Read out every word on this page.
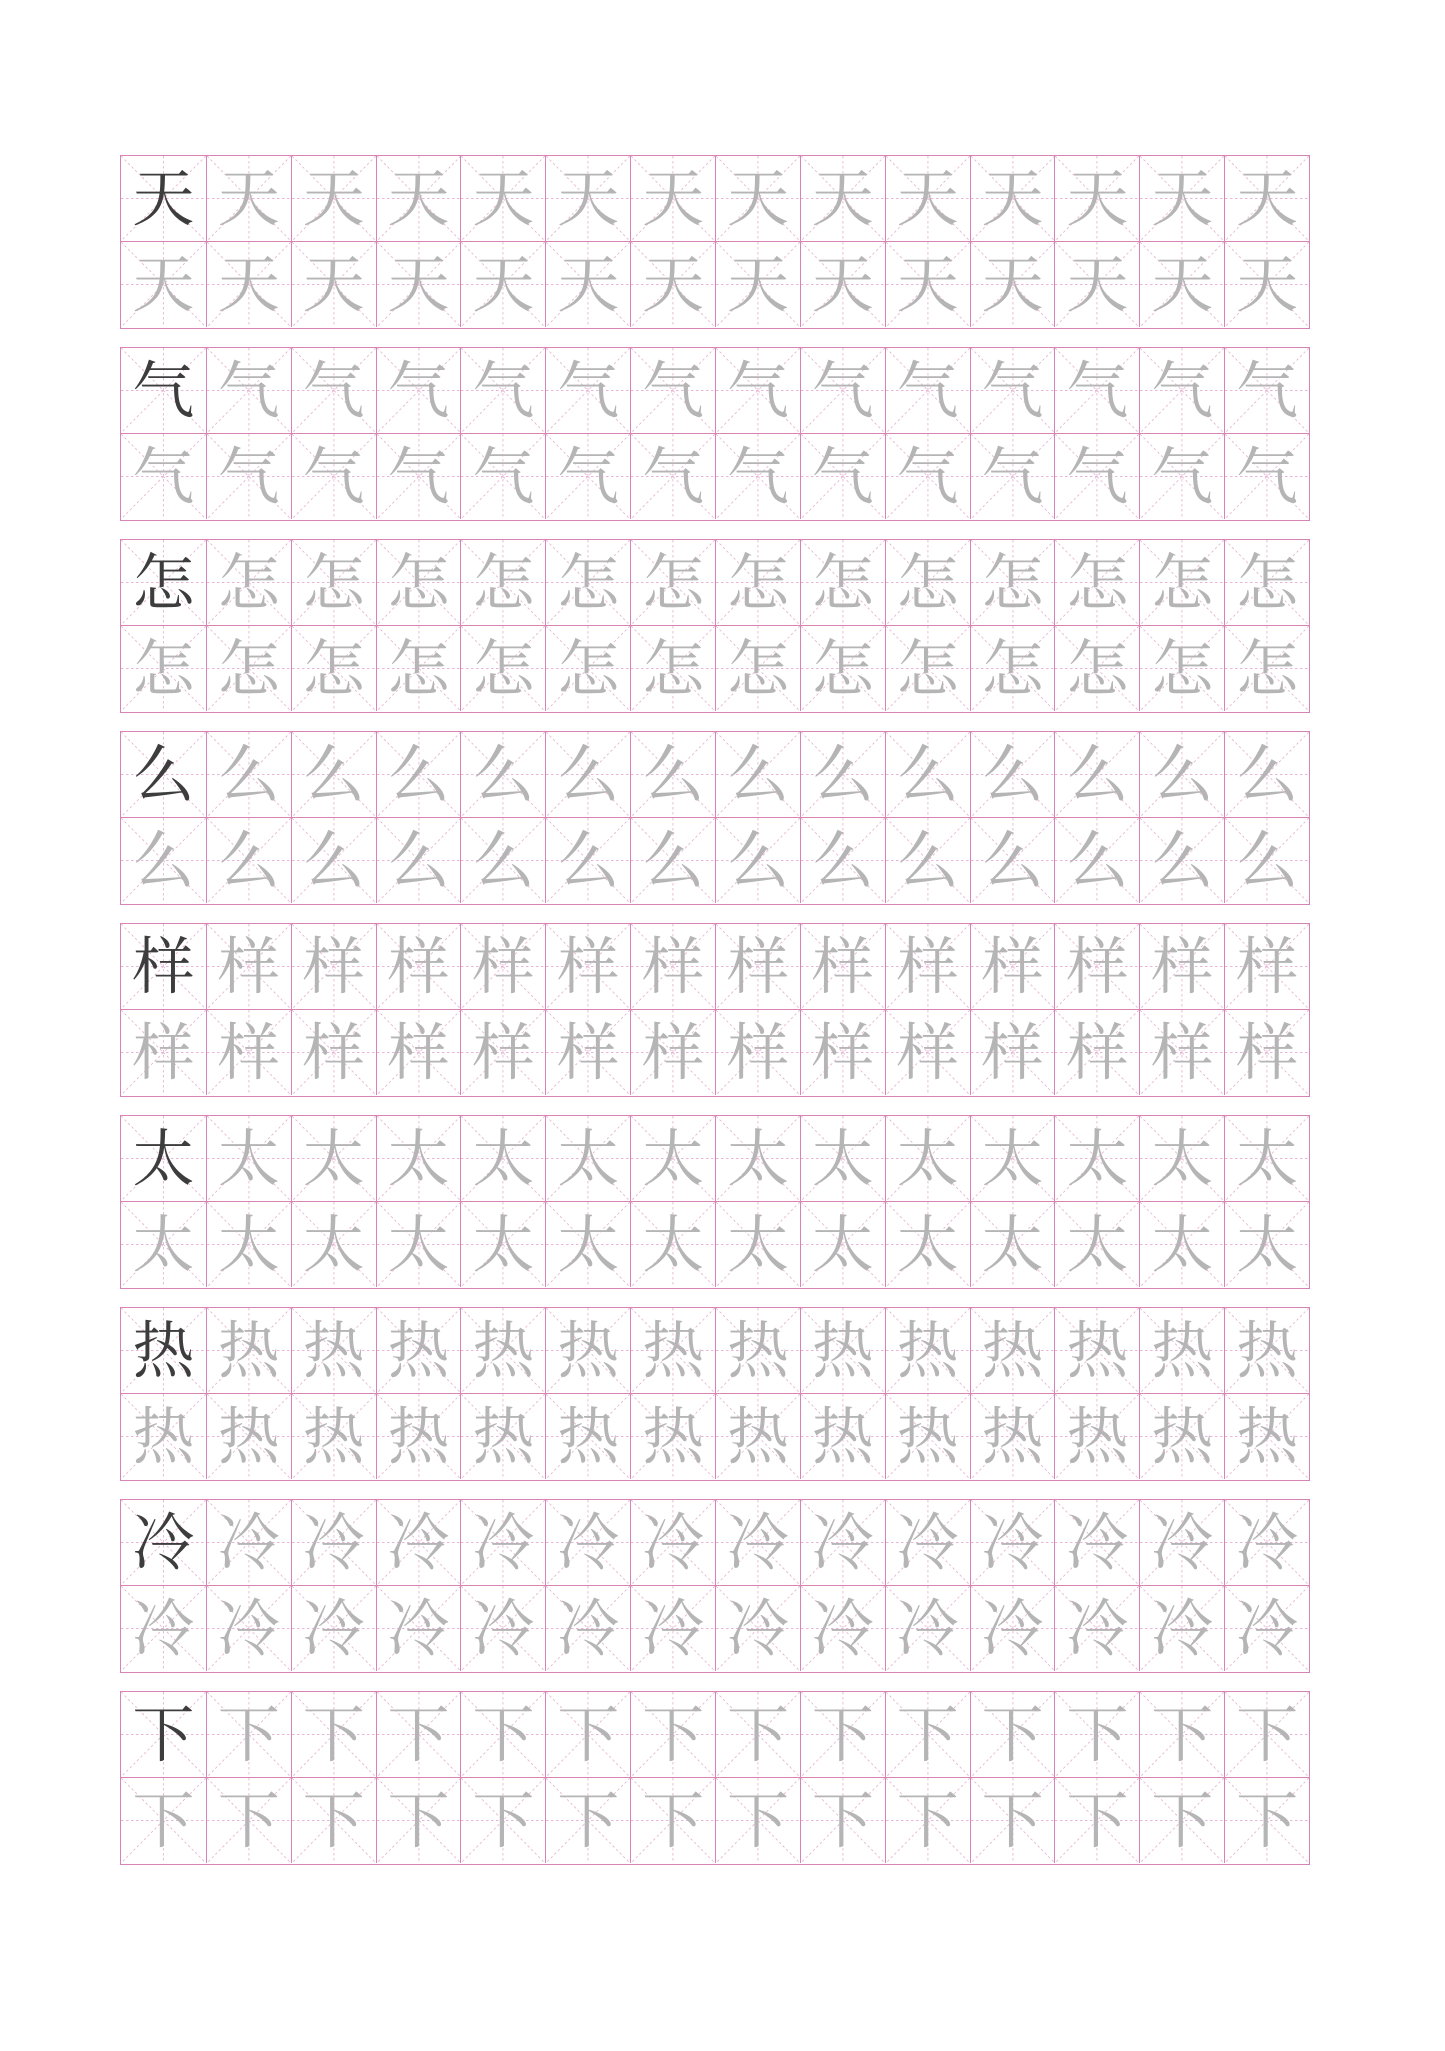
天 天 天 天 天 天 天 天 天 天 天 天 天 天
天 天 天 天 天 天 天 天 天 天 天 天 天 天
气 气 气 气 气 气 气 气 气 气 气 气 气 气
气 气 气 气 气 气 气 气 气 气 气 气 气 气
怎 怎 怎 怎 怎 怎 怎 怎 怎 怎 怎 怎 怎 怎
怎 怎 怎 怎 怎 怎 怎 怎 怎 怎 怎 怎 怎 怎
么 么 么 么 么 么 么 么 么 么 么 么 么 么
么 么 么 么 么 么 么 么 么 么 么 么 么 么
样 样 样 样 样 样 样 样 样 样 样 样 样 样
样 样 样 样 样 样 样 样 样 样 样 样 样 样
太 太 太 太 太 太 太 太 太 太 太 太 太 太
太 太 太 太 太 太 太 太 太 太 太 太 太 太
热 热 热 热 热 热 热 热 热 热 热 热 热 热
热 热 热 热 热 热 热 热 热 热 热 热 热 热
冷 冷 冷 冷 冷 冷 冷 冷 冷 冷 冷 冷 冷 冷
冷 冷 冷 冷 冷 冷 冷 冷 冷 冷 冷 冷 冷 冷
下 下 下 下 下 下 下 下 下 下 下 下 下 下
下 下 下 下 下 下 下 下 下 下 下 下 下 下
